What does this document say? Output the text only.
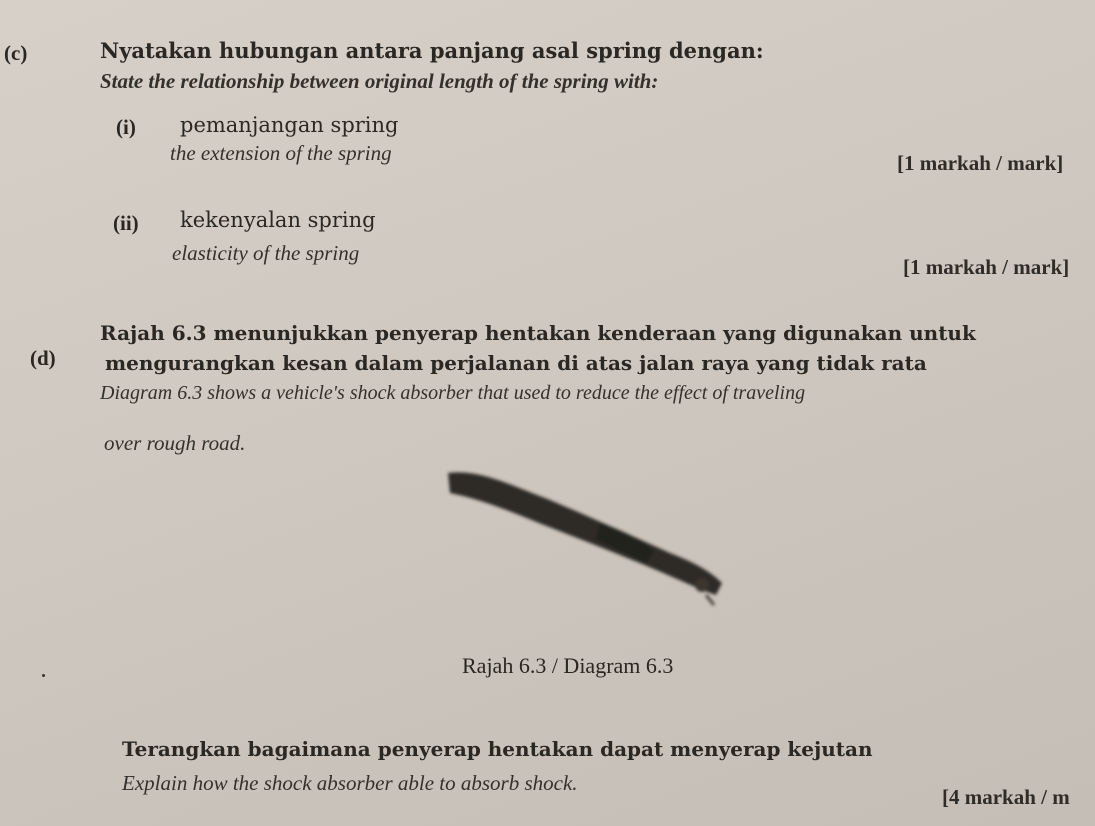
(c)	Nyatakan hubungan antara panjang asal spring dengan:
State the relationship between original length of the spring with:
(i) pemanjangan spring
the extension of the spring	[1 markah / mark]
(ii) kekenyalan spring
elasticity of the spring
[1 markah / mark]
(d)
Rajah 6.3 menunjukkan penyerap hentakan kenderaan yang digunakan untuk
mengurangkan kesan dalam perjalanan di atas jalan raya yang tidak rata
Diagram 6.3 shows a vehicle's shock absorber that used to reduce the effect of traveling
over rough road.
Rajah 6.3 / Diagram 6.3
Terangkan bagaimana penyerap hentakan dapat menyerap kejutan
Explain how the shock absorber able to absorb shock.
[4 markah / m
